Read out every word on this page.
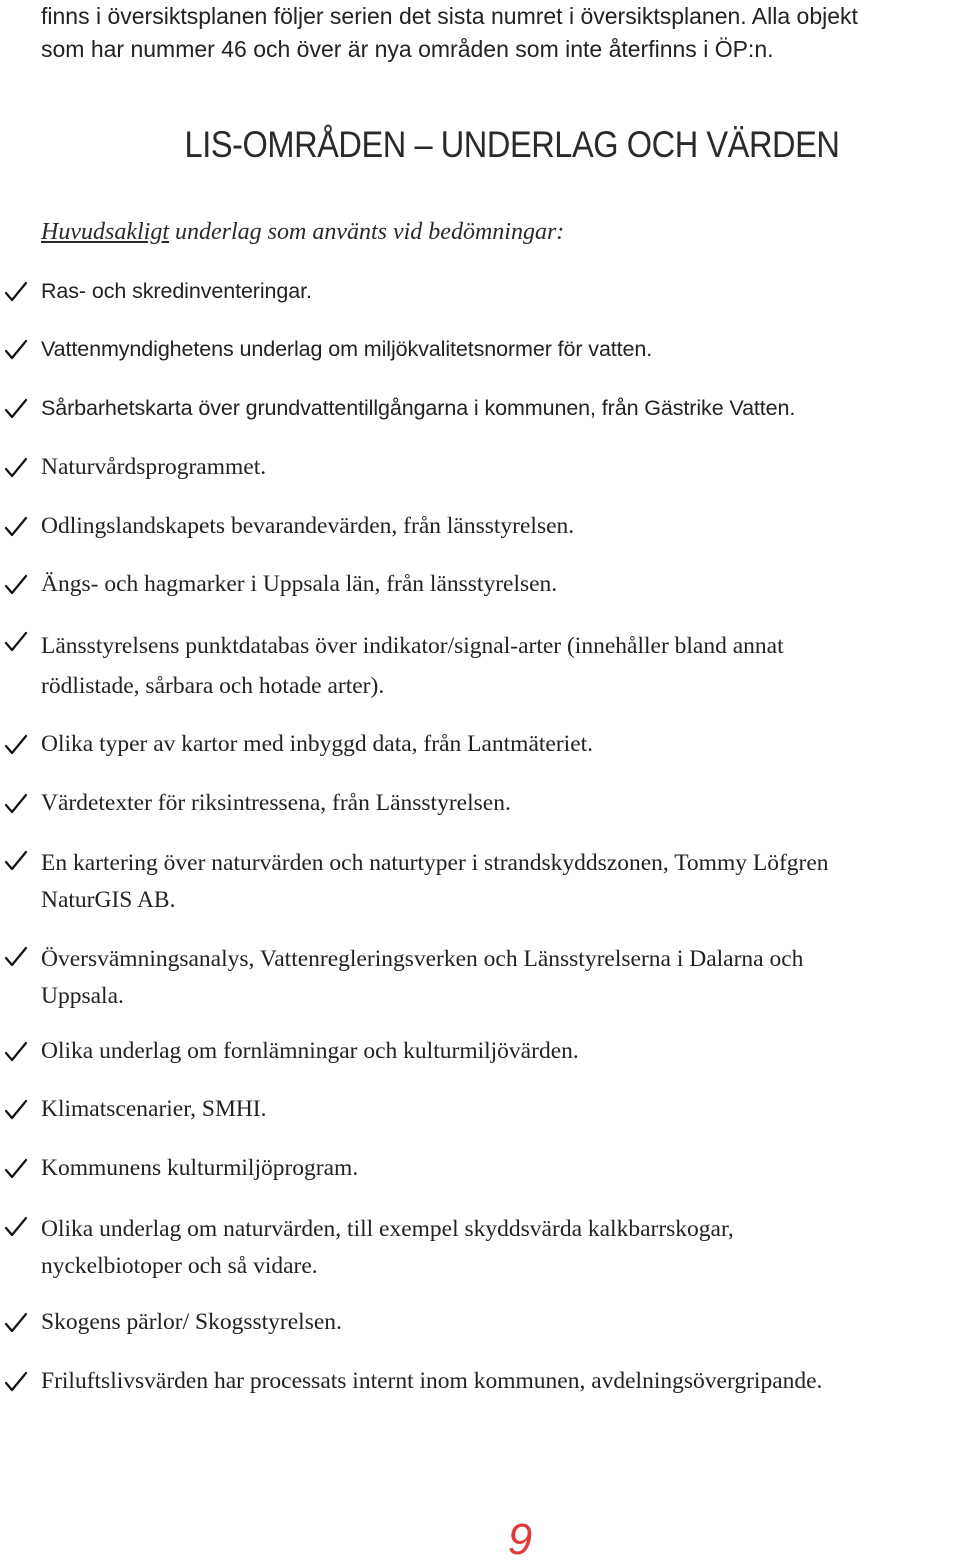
finns i översiktsplanen följer serien det sista numret i översiktsplanen. Alla objekt
som har nummer 46 och över är nya områden som inte återfinns i ÖP:n.
LIS-OMRÅDEN – UNDERLAG OCH VÄRDEN
Huvudsakligt underlag som använts vid bedömningar:
Ras- och skredinventeringar.
Vattenmyndighetens underlag om miljökvalitetsnormer för vatten.
Sårbarhetskarta över grundvattentillgångarna i kommunen, från Gästrike Vatten.
Naturvårdsprogrammet.
Odlingslandskapets bevarandevärden, från länsstyrelsen.
Ängs- och hagmarker i Uppsala län, från länsstyrelsen.
Länsstyrelsens punktdatabas över indikator/signal-arter (innehåller bland annat
rödlistade, sårbara och hotade arter).
Olika typer av kartor med inbyggd data, från Lantmäteriet.
Värdetexter för riksintressena, från Länsstyrelsen.
En kartering över naturvärden och naturtyper i strandskyddszonen, Tommy Löfgren
NaturGIS AB.
Översvämningsanalys, Vattenregleringsverken och Länsstyrelserna i Dalarna och
Uppsala.
Olika underlag om fornlämningar och kulturmiljövärden.
Klimatscenarier, SMHI.
Kommunens kulturmiljöprogram.
Olika underlag om naturvärden, till exempel skyddsvärda kalkbarrskogar,
nyckelbiotoper och så vidare.
Skogens pärlor/ Skogsstyrelsen.
Friluftslivsvärden har processats internt inom kommunen, avdelningsövergripande.
9
